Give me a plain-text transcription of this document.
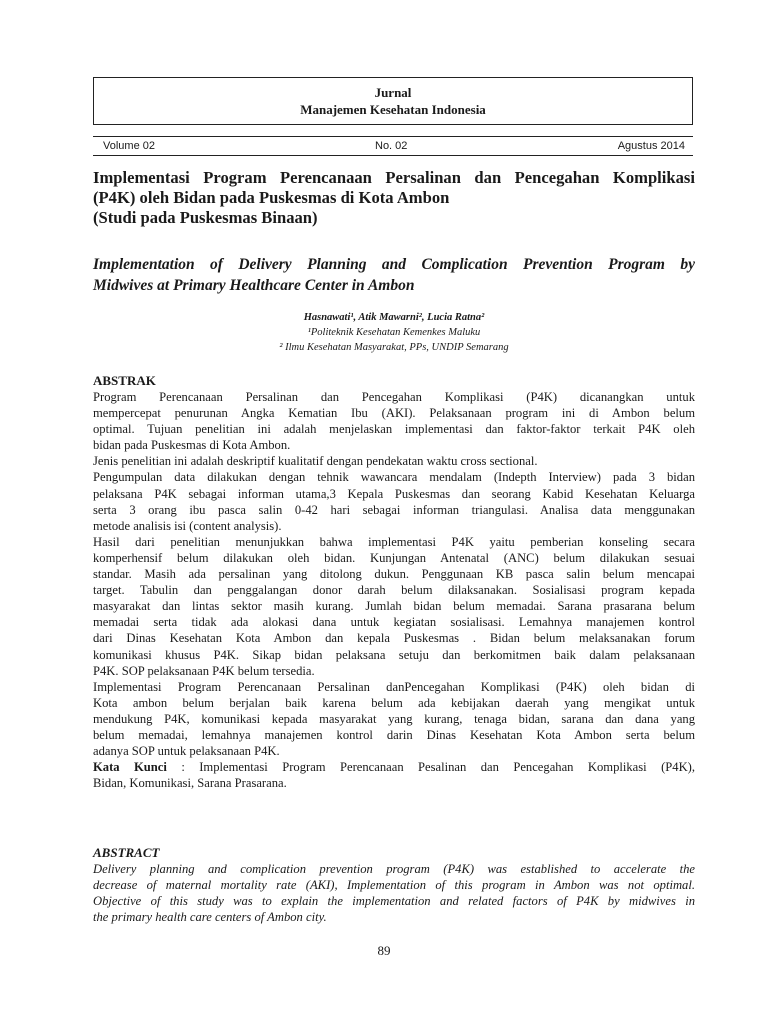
Jurnal
Manajemen Kesehatan Indonesia
Volume 02	No. 02	Agustus 2014
Implementasi Program Perencanaan Persalinan dan Pencegahan Komplikasi
(P4K) oleh Bidan pada Puskesmas di Kota Ambon
(Studi pada Puskesmas Binaan)
Implementation of Delivery Planning and Complication Prevention Program by
Midwives at Primary Healthcare Center in Ambon
Hasnawati¹, Atik Mawarni², Lucia Ratna²
¹Politeknik Kesehatan Kemenkes Maluku
² Ilmu Kesehatan Masyarakat, PPs, UNDIP Semarang
ABSTRAK
Program Perencanaan Persalinan dan Pencegahan Komplikasi (P4K) dicanangkan untuk
mempercepat penurunan Angka Kematian Ibu (AKI). Pelaksanaan program ini di Ambon belum
optimal. Tujuan penelitian ini adalah menjelaskan implementasi dan faktor-faktor terkait P4K oleh
bidan pada Puskesmas di Kota Ambon.
Jenis penelitian ini adalah deskriptif kualitatif dengan pendekatan waktu cross sectional.
Pengumpulan data dilakukan dengan tehnik wawancara mendalam (Indepth Interview) pada 3 bidan
pelaksana P4K sebagai informan utama,3 Kepala Puskesmas dan seorang Kabid Kesehatan Keluarga
serta 3 orang ibu pasca salin 0-42 hari sebagai informan triangulasi. Analisa data menggunakan
metode analisis isi (content analysis).
Hasil dari penelitian menunjukkan bahwa implementasi P4K yaitu pemberian konseling secara
komperhensif belum dilakukan oleh bidan. Kunjungan Antenatal (ANC) belum dilakukan sesuai
standar. Masih ada persalinan yang ditolong dukun. Penggunaan KB pasca salin belum mencapai
target. Tabulin dan penggalangan donor darah belum dilaksanakan. Sosialisasi program kepada
masyarakat dan lintas sektor masih kurang. Jumlah bidan belum memadai. Sarana prasarana belum
memadai serta tidak ada alokasi dana untuk kegiatan sosialisasi. Lemahnya manajemen kontrol
dari Dinas Kesehatan Kota Ambon dan kepala Puskesmas . Bidan belum melaksanakan forum
komunikasi khusus P4K. Sikap bidan pelaksana setuju dan berkomitmen baik dalam pelaksanaan
P4K. SOP pelaksanaan P4K belum tersedia.
Implementasi Program Perencanaan Persalinan danPencegahan Komplikasi (P4K) oleh bidan di
Kota ambon belum berjalan baik karena belum ada kebijakan daerah yang mengikat untuk
mendukung P4K, komunikasi kepada masyarakat yang kurang, tenaga bidan, sarana dan dana yang
belum memadai, lemahnya manajemen kontrol darin Dinas Kesehatan Kota Ambon serta belum
adanya SOP untuk pelaksanaan P4K.
Kata Kunci : Implementasi Program Perencanaan Pesalinan dan Pencegahan Komplikasi (P4K),
Bidan, Komunikasi, Sarana Prasarana.
ABSTRACT
Delivery planning and complication prevention program (P4K) was established to accelerate the
decrease of maternal mortality rate (AKI), Implementation of this program in Ambon was not optimal.
Objective of this study was to explain the implementation and related factors of P4K by midwives in
the primary health care centers of Ambon city.
89
